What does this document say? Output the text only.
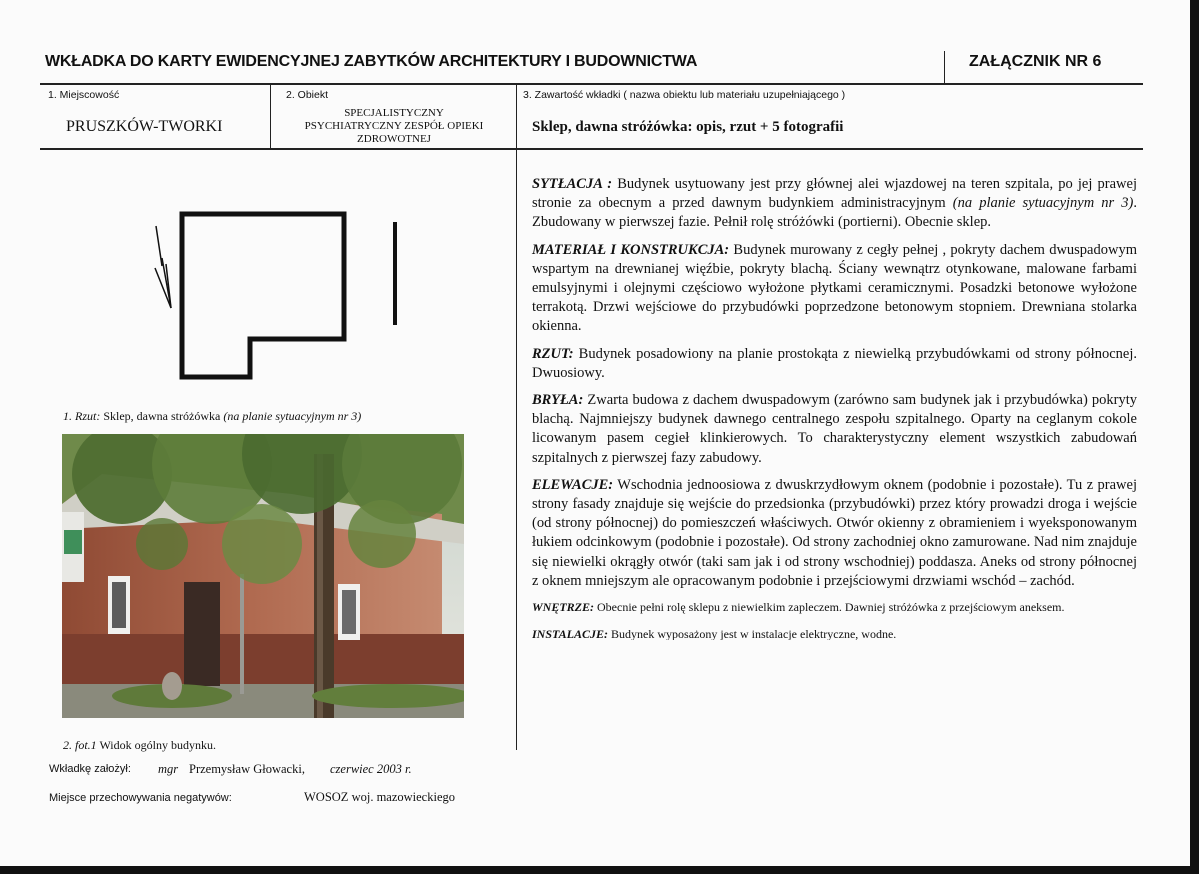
WKŁADKA DO KARTY EWIDENCYJNEJ ZABYTKÓW ARCHITEKTURY I BUDOWNICTWA	ZAŁĄCZNIK NR 6
1. Miejscowość
PRUSZKÓW-TWORKI
2. Obiekt
SPECJALISTYCZNY
PSYCHIATRYCZNY ZESPÓŁ OPIEKI
ZDROWOTNEJ
3. Zawartość wkładki ( nazwa obiektu lub materiału uzupełniającego )
Sklep, dawna stróżówka: opis, rzut + 5 fotografii
1. Rzut: Sklep, dawna stróżówka (na planie sytuacyjnym nr 3)
2. fot.1 Widok ogólny budynku.
Wkładkę założył: mgr Przemysław Głowacki, czerwiec 2003 r.
Miejsce przechowywania negatywów:	WOSOZ woj. mazowieckiego

SYTŁACJA : Budynek usytuowany jest przy głównej alei wjazdowej na teren szpitala, po jej prawej stronie za obecnym a przed dawnym budynkiem administracyjnym (na planie sytuacyjnym nr 3). Zbudowany w pierwszej fazie. Pełnił rolę stróżówki (portierni). Obecnie sklep.

MATERIAŁ I KONSTRUKCJA: Budynek murowany z cegły pełnej , pokryty dachem dwuspadowym wspartym na drewnianej więźbie, pokryty blachą. Ściany wewnątrz otynkowane, malowane farbami emulsyjnymi i olejnymi częściowo wyłożone płytkami ceramicznymi. Posadzki betonowe wyłożone terrakotą. Drzwi wejściowe do przybudówki poprzedzone betonowym stopniem. Drewniana stolarka okienna.

RZUT: Budynek posadowiony na planie prostokąta z niewielką przybudówkami od strony północnej. Dwuosiowy.

BRYŁA: Zwarta budowa z dachem dwuspadowym (zarówno sam budynek jak i przybudówka) pokryty blachą. Najmniejszy budynek dawnego centralnego zespołu szpitalnego. Oparty na ceglanym cokole licowanym pasem cegieł klinkierowych. To charakterystyczny element wszystkich zabudowań szpitalnych z pierwszej fazy zabudowy.

ELEWACJE: Wschodnia jednoosiowa z dwuskrzydłowym oknem (podobnie i pozostałe). Tu z prawej strony fasady znajduje się wejście do przedsionka (przybudówki) przez który prowadzi droga i wejście (od strony północnej) do pomieszczeń właściwych. Otwór okienny z obramieniem i wyeksponowanym łukiem odcinkowym (podobnie i pozostałe). Od strony zachodniej okno zamurowane. Nad nim znajduje się niewielki okrągły otwór (taki sam jak i od strony wschodniej) poddasza. Aneks od strony północnej z oknem mniejszym ale opracowanym podobnie i przejściowymi drzwiami wschód – zachód.

WNĘTRZE: Obecnie pełni rolę sklepu z niewielkim zapleczem. Dawniej stróżówka z przejściowym aneksem.

INSTALACJE: Budynek wyposażony jest w instalacje elektryczne, wodne.
